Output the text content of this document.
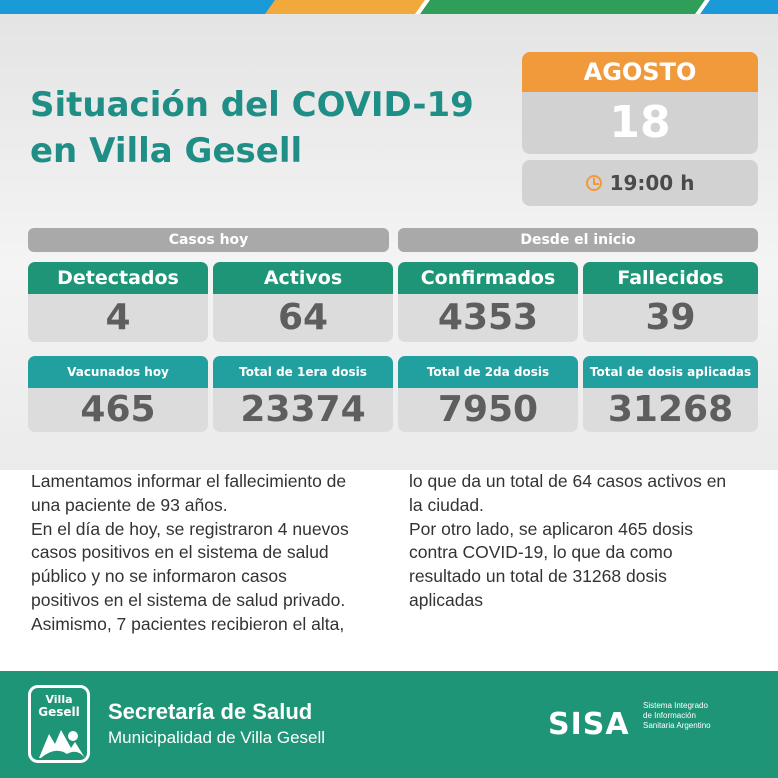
Situación del COVID-19
en Villa Gesell
AGOSTO
18
19:00 h
Casos hoy	Desde el inicio
Detectados
4
Activos
64
Confirmados
4353
Fallecidos
39
Vacunados hoy
465
Total de 1era dosis
23374
Total de 2da dosis
7950
Total de dosis aplicadas
31268
Lamentamos informar el fallecimiento de
una paciente de 93 años.
En el día de hoy, se registraron 4 nuevos
casos positivos en el sistema de salud
público y no se informaron casos
positivos en el sistema de salud privado.
Asimismo, 7 pacientes recibieron el alta,
lo que da un total de 64 casos activos en
la ciudad.
Por otro lado, se aplicaron 465 dosis
contra COVID-19, lo que da como
resultado un total de 31268 dosis
aplicadas
Villa
Gesell	Secretaría de Salud
Municipalidad de Villa Gesell	SISA
Sistema Integrado
de Información
Sanitaria Argentino
